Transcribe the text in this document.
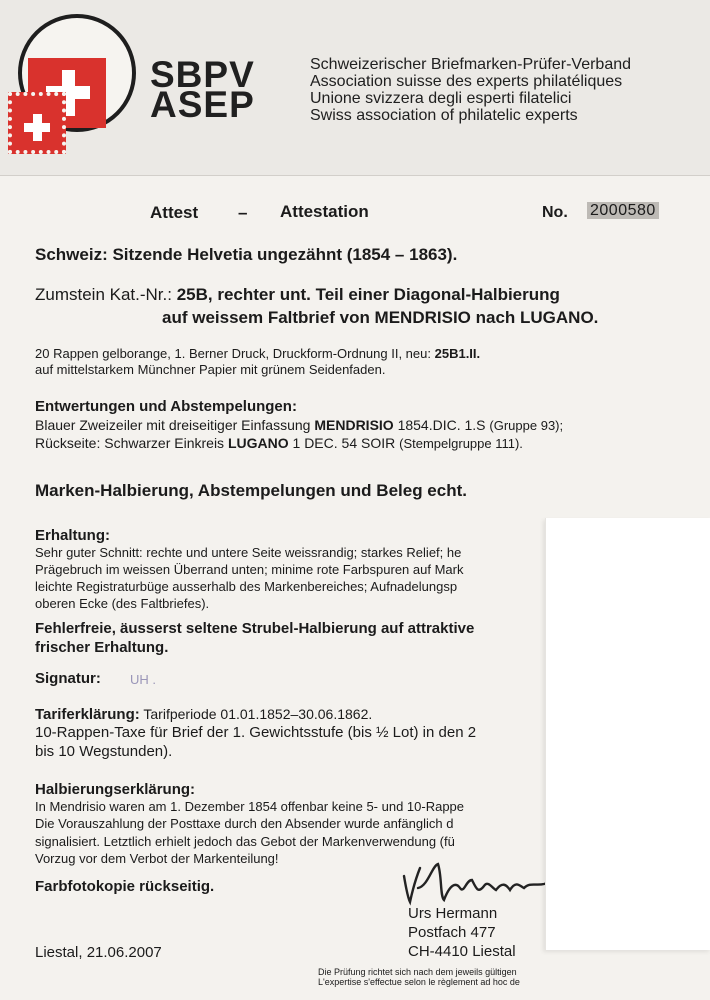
SBPV
ASEP
Schweizerischer Briefmarken-Prüfer-Verband
Association suisse des experts philatéliques
Unione svizzera degli esperti filatelici
Swiss association of philatelic experts
Attest – Attestation	No. 2000580
Schweiz: Sitzende Helvetia ungezähnt (1854 – 1863).
Zumstein Kat.-Nr.: 25B, rechter unt. Teil einer Diagonal-Halbierung
auf weissem Faltbrief von MENDRISIO nach LUGANO.
20 Rappen gelborange, 1. Berner Druck, Druckform-Ordnung II, neu: 25B1.II.
auf mittelstarkem Münchner Papier mit grünem Seidenfaden.
Entwertungen und Abstempelungen:
Blauer Zweizeiler mit dreiseitiger Einfassung MENDRISIO 1854.DIC. 1.S (Gruppe 93);
Rückseite: Schwarzer Einkreis LUGANO 1 DEC. 54 SOIR (Stempelgruppe 111).
Marken-Halbierung, Abstempelungen und Beleg echt.
Erhaltung:
Sehr guter Schnitt: rechte und untere Seite weissrandig; starkes Relief; he
Prägebruch im weissen Überrand unten; minime rote Farbspuren auf Mark
leichte Registraturbüge ausserhalb des Markenbereiches; Aufnadelungsp
oberen Ecke (des Faltbriefes).
Fehlerfreie, äusserst seltene Strubel-Halbierung auf attraktive
frischer Erhaltung.
Signatur: UH .
Tariferklärung: Tarifperiode 01.01.1852–30.06.1862.
10-Rappen-Taxe für Brief der 1. Gewichtsstufe (bis ½ Lot) in den 2
bis 10 Wegstunden).
Halbierungserklärung:
In Mendrisio waren am 1. Dezember 1854 offenbar keine 5- und 10-Rappe
Die Vorauszahlung der Posttaxe durch den Absender wurde anfänglich d
signalisiert. Letztlich erhielt jedoch das Gebot der Markenverwendung (fü
Vorzug vor dem Verbot der Markenteilung!
Farbfotokopie rückseitig.
Urs Hermann
Postfach 477
CH-4410 Liestal
Liestal, 21.06.2007
Die Prüfung richtet sich nach dem jeweils gültigen
L'expertise s'effectue selon le règlement ad hoc de
